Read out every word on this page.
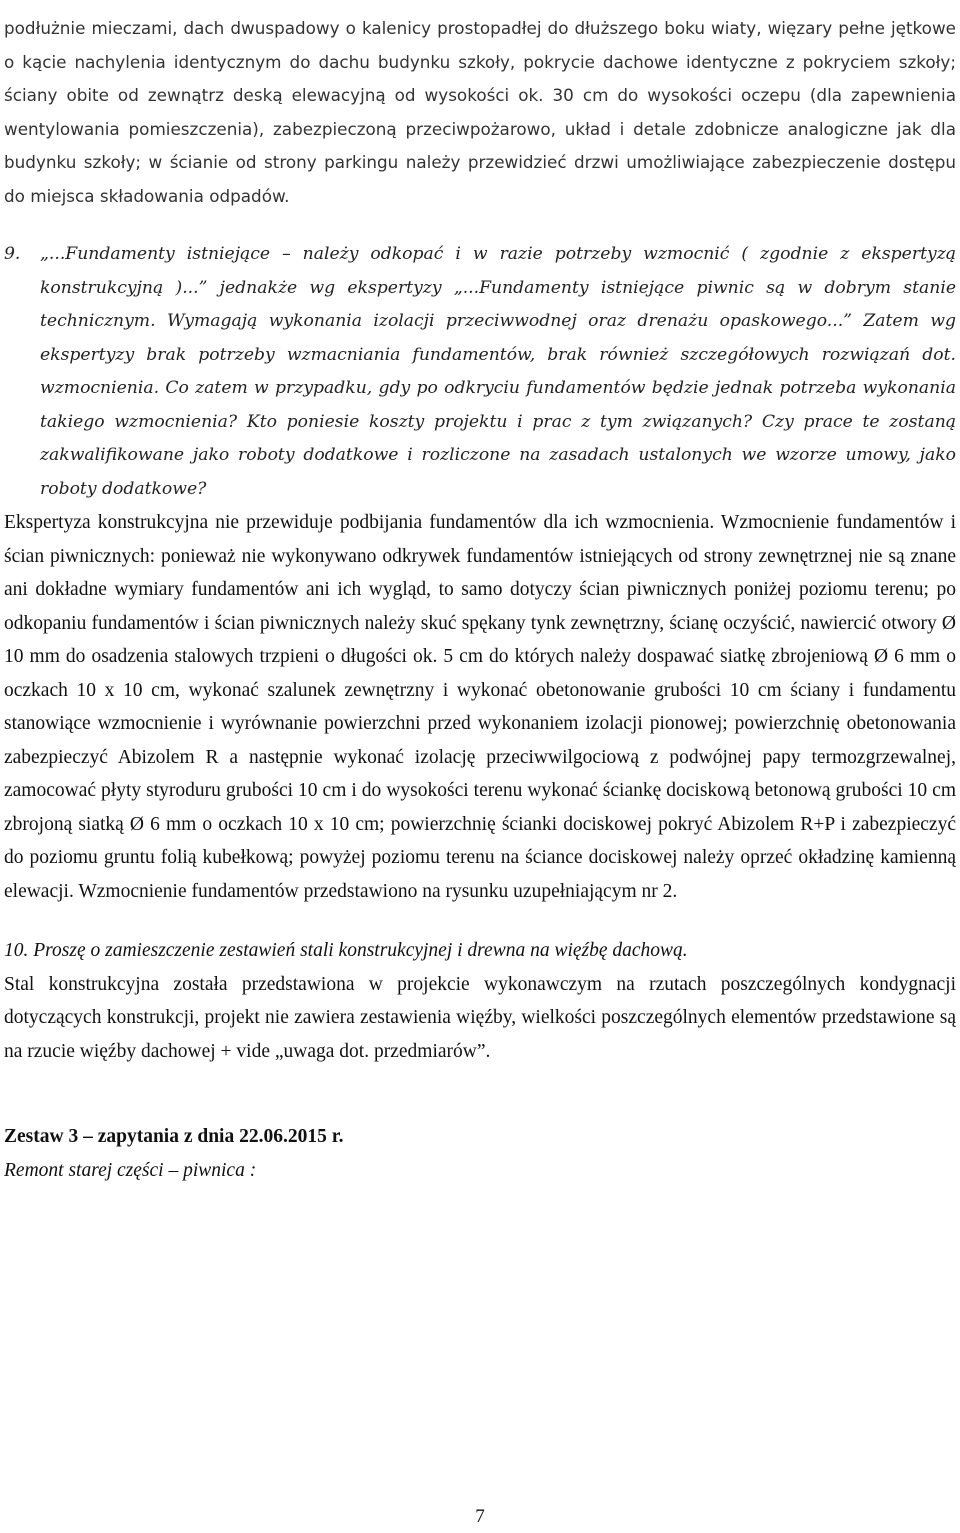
podłużnie mieczami, dach dwuspadowy o kalenicy prostopadłej do dłuższego boku wiaty, więzary pełne jętkowe o kącie nachylenia identycznym do dachu budynku szkoły, pokrycie dachowe identyczne z pokryciem szkoły; ściany obite od zewnątrz deską elewacyjną od wysokości ok. 30 cm do wysokości oczepu (dla zapewnienia wentylowania pomieszczenia), zabezpieczoną przeciwpożarowo, układ i detale zdobnicze analogiczne jak dla budynku szkoły; w ścianie od strony parkingu należy przewidzieć drzwi umożliwiające zabezpieczenie dostępu do miejsca składowania odpadów.

9.	„...Fundamenty istniejące – należy odkopać i w razie potrzeby wzmocnić ( zgodnie z ekspertyzą konstrukcyjną )...” jednakże wg ekspertyzy „...Fundamenty istniejące piwnic są w dobrym stanie technicznym. Wymagają wykonania izolacji przeciwwodnej oraz drenażu opaskowego...” Zatem wg ekspertyzy brak potrzeby wzmacniania fundamentów, brak również szczegółowych rozwiązań dot. wzmocnienia. Co zatem w przypadku, gdy po odkryciu fundamentów będzie jednak potrzeba wykonania takiego wzmocnienia? Kto poniesie koszty projektu i prac z tym związanych? Czy prace te zostaną zakwalifikowane jako roboty dodatkowe i rozliczone na zasadach ustalonych we wzorze umowy, jako roboty dodatkowe?

Ekspertyza konstrukcyjna nie przewiduje podbijania fundamentów dla ich wzmocnienia. Wzmocnienie fundamentów i ścian piwnicznych: ponieważ nie wykonywano odkrywek fundamentów istniejących od strony zewnętrznej nie są znane ani dokładne wymiary fundamentów ani ich wygląd, to samo dotyczy ścian piwnicznych poniżej poziomu terenu; po odkopaniu fundamentów i ścian piwnicznych należy skuć spękany tynk zewnętrzny, ścianę oczyścić, nawiercić otwory Ø 10 mm do osadzenia stalowych trzpieni o długości ok. 5 cm do których należy dospawać siatkę zbrojeniową Ø 6 mm o oczkach 10 x 10 cm, wykonać szalunek zewnętrzny i wykonać obetonowanie grubości 10 cm ściany i fundamentu stanowiące wzmocnienie i wyrównanie powierzchni przed wykonaniem izolacji pionowej; powierzchnię obetonowania zabezpieczyć Abizolem R a następnie wykonać izolację przeciwwilgociową z podwójnej papy termozgrzewalnej, zamocować płyty styroduru grubości 10 cm i do wysokości terenu wykonać ściankę dociskową betonową grubości 10 cm zbrojoną siatką Ø 6 mm o oczkach 10 x 10 cm; powierzchnię ścianki dociskowej pokryć Abizolem R+P i zabezpieczyć do poziomu gruntu folią kubełkową; powyżej poziomu terenu na ściance dociskowej należy oprzeć okładzinę kamienną elewacji. Wzmocnienie fundamentów przedstawiono na rysunku uzupełniającym nr 2.

10. Proszę o zamieszczenie zestawień stali konstrukcyjnej i drewna na więźbę dachową.

Stal konstrukcyjna została przedstawiona w projekcie wykonawczym na rzutach poszczególnych kondygnacji dotyczących konstrukcji, projekt nie zawiera zestawienia więźby, wielkości poszczególnych elementów przedstawione są na rzucie więźby dachowej + vide „uwaga dot. przedmiarów”.

Zestaw 3 – zapytania z dnia 22.06.2015 r.

Remont starej części – piwnica :

7
